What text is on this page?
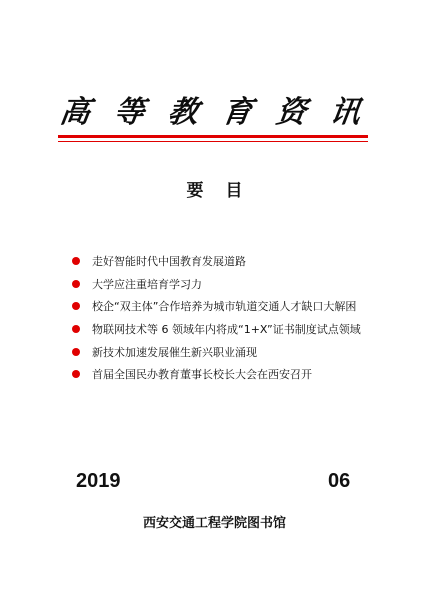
高 等 教 育 资 讯
要目
走好智能时代中国教育发展道路
大学应注重培育学习力
校企“双主体”合作培养为城市轨道交通人才缺口大解困
物联网技术等 6 领域年内将成“1+X”证书制度试点领域
新技术加速发展催生新兴职业涌现
首届全国民办教育董事长校长大会在西安召开
2019	06
西安交通工程学院图书馆
